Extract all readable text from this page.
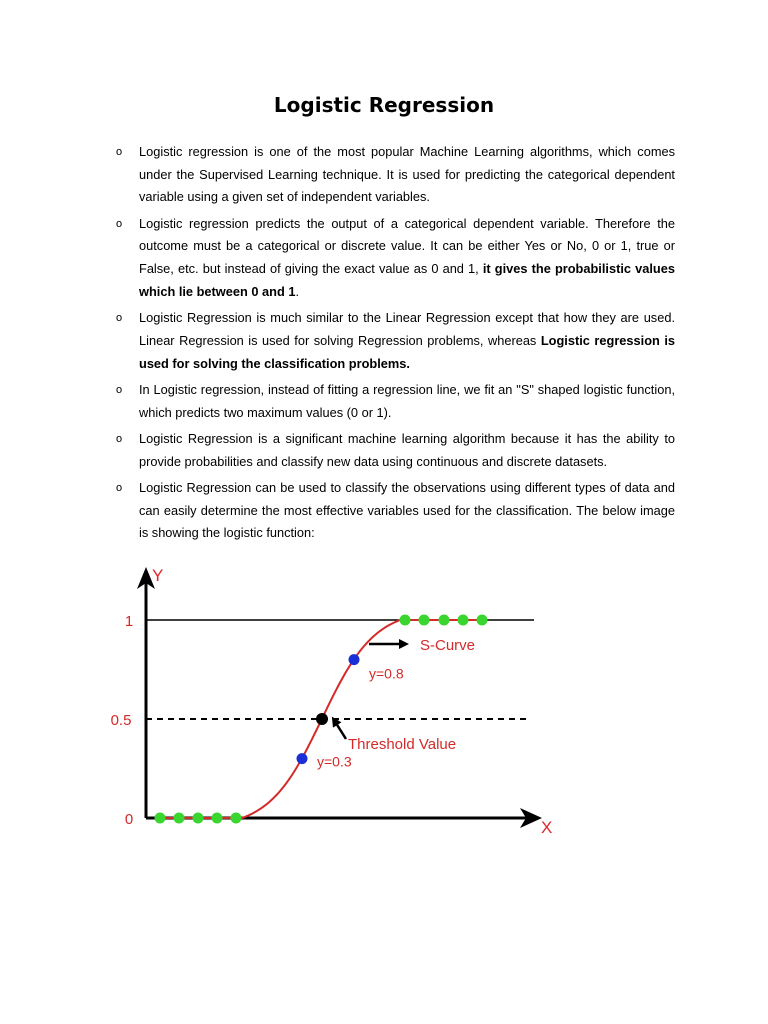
Logistic Regression
o Logistic regression is one of the most popular Machine Learning algorithms, which comes under the Supervised Learning technique. It is used for predicting the categorical dependent variable using a given set of independent variables.
o Logistic regression predicts the output of a categorical dependent variable. Therefore the outcome must be a categorical or discrete value. It can be either Yes or No, 0 or 1, true or False, etc. but instead of giving the exact value as 0 and 1, it gives the probabilistic values which lie between 0 and 1.
o Logistic Regression is much similar to the Linear Regression except that how they are used. Linear Regression is used for solving Regression problems, whereas Logistic regression is used for solving the classification problems.
o In Logistic regression, instead of fitting a regression line, we fit an "S" shaped logistic function, which predicts two maximum values (0 or 1).
o Logistic Regression is a significant machine learning algorithm because it has the ability to provide probabilities and classify new data using continuous and discrete datasets.
o Logistic Regression can be used to classify the observations using different types of data and can easily determine the most effective variables used for the classification. The below image is showing the logistic function:
Y
X
0
0.5
1
y=0.3
y=0.8
S-Curve
Threshold Value
